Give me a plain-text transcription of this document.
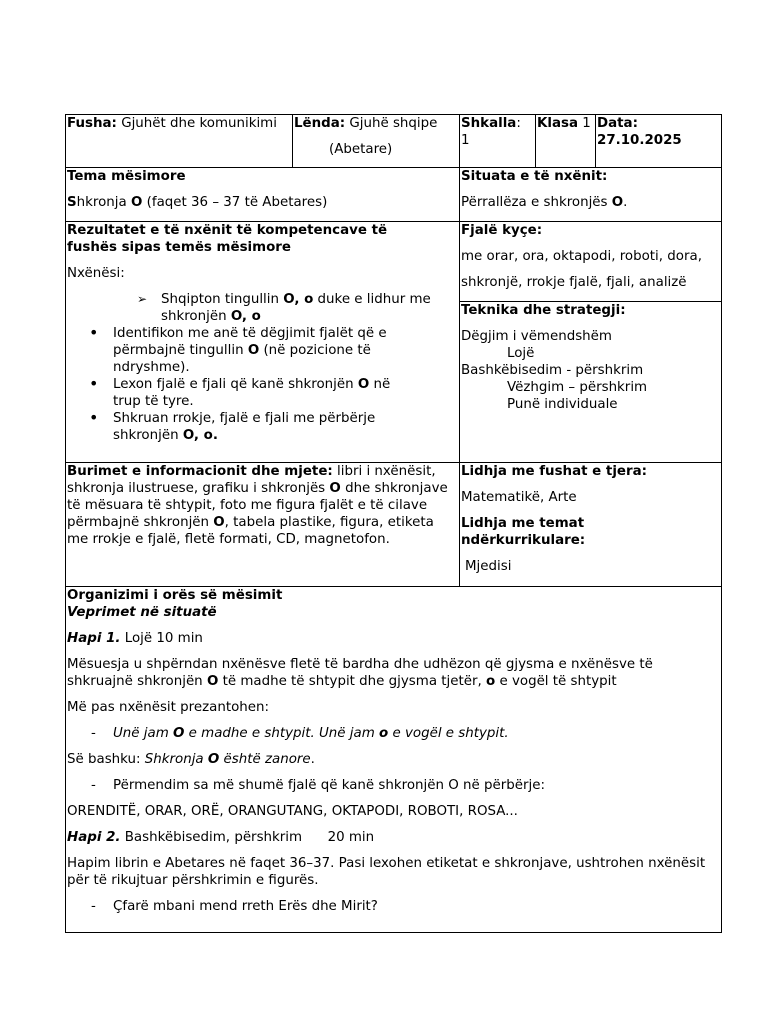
Fusha: Gjuhët dhe komunikimi	Lënda: Gjuhë shqipe
(Abetare)
Shkalla:
1
Klasa 1 Data:
27.10.2025
Tema mësimore

Shkronja O (faqet 36 – 37 të Abetares)

Situata e të nxënit:

Përrallëza e shkronjës O.

Rezultatet e të nxënit të kompetencave të fushës sipas temës mësimore

Nxënësi:

➢ Shqipton tingullin O, o duke e lidhur me shkronjën O, o
• Identifikon me anë të dëgjimit fjalët që e përmbajnë tingullin O (në pozicione të ndryshme).
• Lexon fjalë e fjali që kanë shkronjën O në trup të tyre.
• Shkruan rrokje, fjalë e fjali me përbërje shkronjën O, o.
Fjalë kyçe:

me orar, ora, oktapodi, roboti, dora,

shkronjë, rrokje fjalë, fjali, analizë

Teknika dhe strategji:

Dëgjim i vëmendshëm

Lojë

Bashkëbisedim - përshkrim

Vëzhgim – përshkrim

Punë individuale

Burimet e informacionit dhe mjete: libri i nxënësit, shkronja ilustruese, grafiku i shkronjës O dhe shkronjave të mësuara të shtypit, foto me figura fjalët e të cilave përmbajnë shkronjën O, tabela plastike, figura, etiketa me rrokje e fjalë, fletë formati, CD, magnetofon.

Lidhja me fushat e tjera:

Matematikë, Arte

Lidhja me temat ndërkurrikulare:

Mjedisi

Organizimi i orës së mësimit
Veprimet në situatë

Hapi 1. Lojë 10 min

Mësuesja u shpërndan nxënësve fletë të bardha dhe udhëzon që gjysma e nxënësve të shkruajnë shkronjën O të madhe të shtypit dhe gjysma tjetër, o e vogël të shtypit

Më pas nxënësit prezantohen:

- Unë jam O e madhe e shtypit. Unë jam o e vogël e shtypit.

Së bashku: Shkronja O është zanore.

- Përmendim sa më shumë fjalë që kanë shkronjën O në përbërje:

ORENDITË, ORAR, ORË, ORANGUTANG, OKTAPODI, ROBOTI, ROSA...

Hapi 2. Bashkëbisedim, përshkrim      20 min

Hapim librin e Abetares në faqet 36–37. Pasi lexohen etiketat e shkronjave, ushtrohen nxënësit për të rikujtuar përshkrimin e figurës.

- Çfarë mbani mend rreth Erës dhe Mirit?
